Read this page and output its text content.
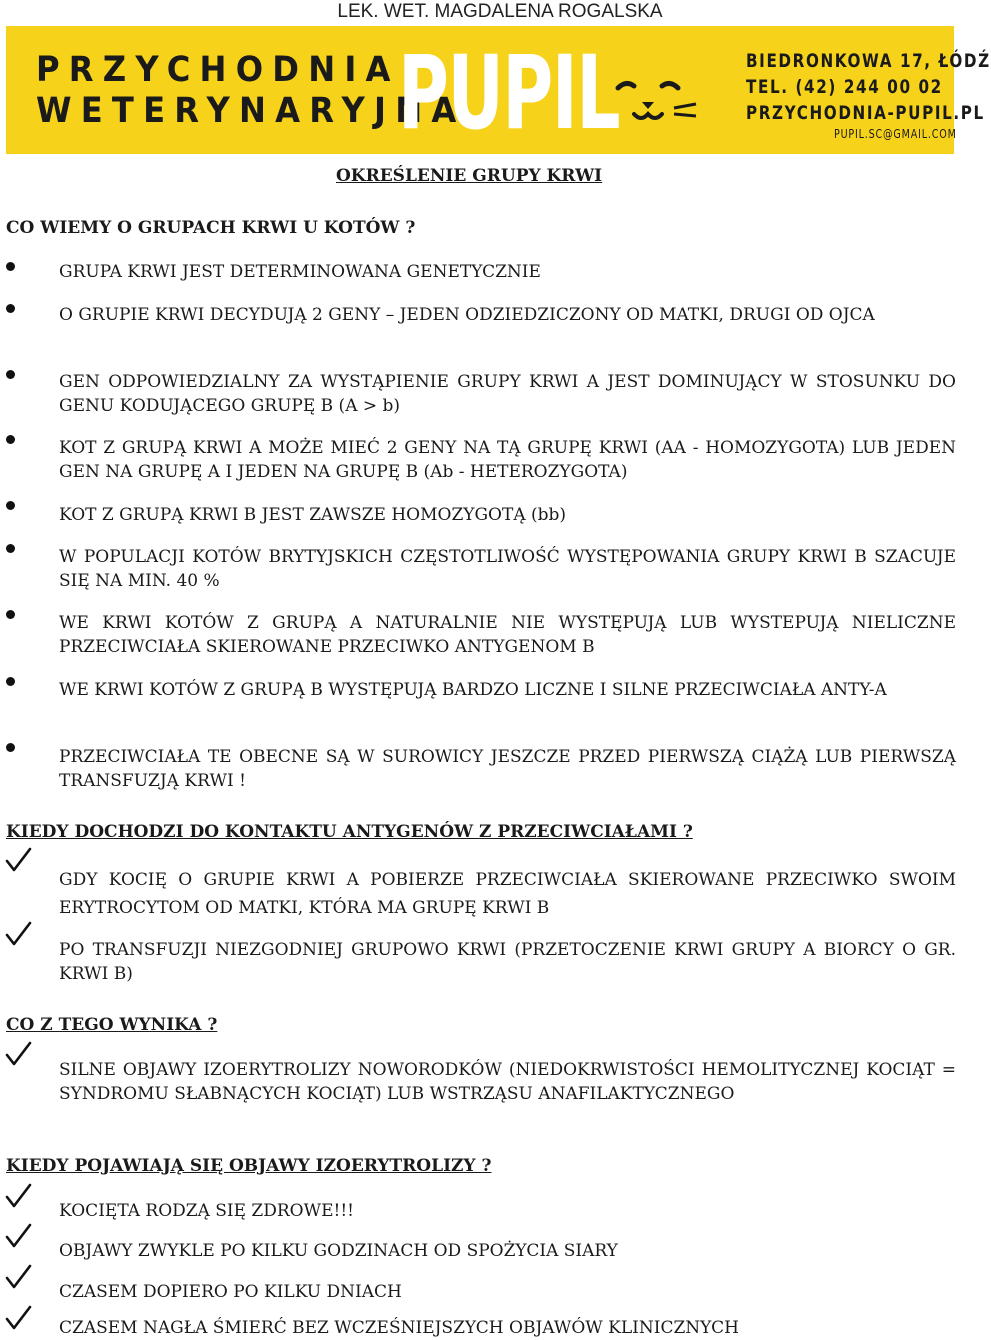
LEK. WET. MAGDALENA ROGALSKA
PRZYCHODNIA
WETERYNARYJNA
PUPIL	BIEDRONKOWA 17, ŁÓDŹ
TEL. (42) 244 00 02
PRZYCHODNIA-PUPIL.PL
PUPIL.SC@GMAIL.COM
OKREŚLENIE GRUPY KRWI
CO WIEMY O GRUPACH KRWI U KOTÓW ?
GRUPA KRWI JEST DETERMINOWANA GENETYCZNIE
O GRUPIE KRWI DECYDUJĄ 2 GENY – JEDEN ODZIEDZICZONY OD MATKI, DRUGI OD OJCA
GEN ODPOWIEDZIALNY ZA WYSTĄPIENIE GRUPY KRWI A JEST DOMINUJĄCY W STOSUNKU DO GENU KODUJĄCEGO GRUPĘ B (A > b)
KOT Z GRUPĄ KRWI A MOŻE MIEĆ 2 GENY NA TĄ GRUPĘ KRWI (AA - HOMOZYGOTA) LUB JEDEN GEN NA GRUPĘ A I JEDEN NA GRUPĘ B (Ab - HETEROZYGOTA)
KOT Z GRUPĄ KRWI B JEST ZAWSZE HOMOZYGOTĄ (bb)
W POPULACJI KOTÓW BRYTYJSKICH CZĘSTOTLIWOŚĆ WYSTĘPOWANIA GRUPY KRWI B SZACUJE SIĘ NA MIN. 40 %
WE KRWI KOTÓW Z GRUPĄ A NATURALNIE NIE WYSTĘPUJĄ LUB WYSTEPUJĄ NIELICZNE PRZECIWCIAŁA SKIEROWANE PRZECIWKO ANTYGENOM B
WE KRWI KOTÓW Z GRUPĄ B WYSTĘPUJĄ BARDZO LICZNE I SILNE PRZECIWCIAŁA ANTY-A
PRZECIWCIAŁA TE OBECNE SĄ W SUROWICY JESZCZE PRZED PIERWSZĄ CIĄŻĄ LUB PIERWSZĄ TRANSFUZJĄ KRWI !
KIEDY DOCHODZI DO KONTAKTU ANTYGENÓW Z PRZECIWCIAŁAMI ?
GDY KOCIĘ O GRUPIE KRWI A POBIERZE PRZECIWCIAŁA SKIEROWANE PRZECIWKO SWOIM ERYTROCYTOM OD MATKI, KTÓRA MA GRUPĘ KRWI B
PO TRANSFUZJI NIEZGODNIEJ GRUPOWO KRWI (PRZETOCZENIE KRWI GRUPY A BIORCY O GR. KRWI B)
CO Z TEGO WYNIKA ?
SILNE OBJAWY IZOERYTROLIZY NOWORODKÓW (NIEDOKRWISTOŚCI HEMOLITYCZNEJ KOCIĄT = SYNDROMU SŁABNĄCYCH KOCIĄT) LUB WSTRZĄSU ANAFILAKTYCZNEGO
KIEDY POJAWIAJĄ SIĘ OBJAWY IZOERYTROLIZY ?
KOCIĘTA RODZĄ SIĘ ZDROWE!!!
OBJAWY ZWYKLE PO KILKU GODZINACH OD SPOŻYCIA SIARY
CZASEM DOPIERO PO KILKU DNIACH
CZASEM NAGŁA ŚMIERĆ BEZ WCZEŚNIEJSZYCH OBJAWÓW KLINICZNYCH
